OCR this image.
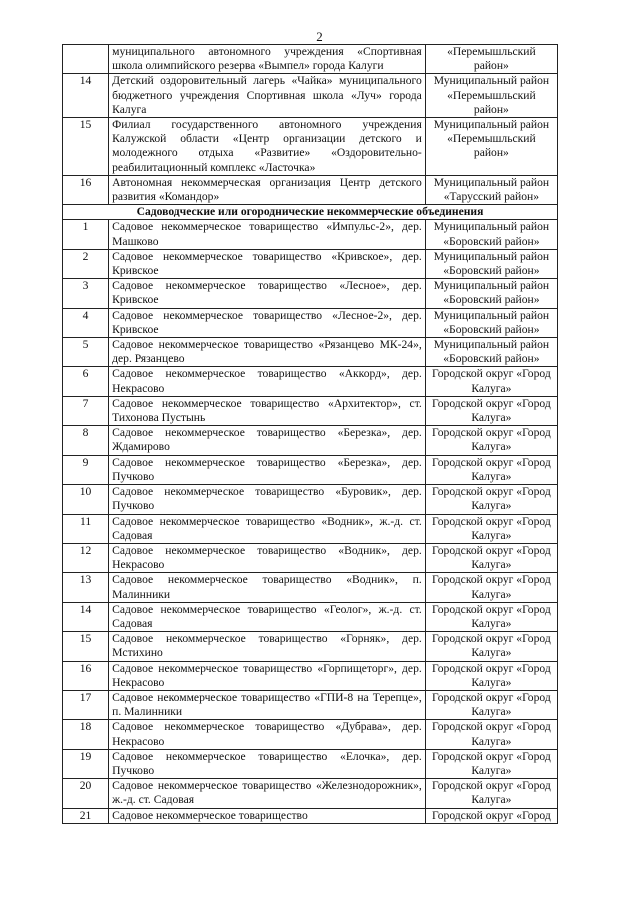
2
	муниципального автономного учреждения «Спортивная школа олимпийского резерва «Вымпел» города Калуги	«Перемышльский район»
14	Детский оздоровительный лагерь «Чайка» муниципального бюджетного учреждения Спортивная школа «Луч» города Калуга	Муниципальный район «Перемышльский район»
15	Филиал государственного автономного учреждения Калужской области «Центр организации детского и молодежного отдыха «Развитие» «Оздоровительно-реабилитационный комплекс «Ласточка»	Муниципальный район «Перемышльский район»
16	Автономная некоммерческая организация Центр детского развития «Командор»	Муниципальный район «Тарусский район»
Садоводческие или огороднические некоммерческие объединения		
1	Садовое некоммерческое товарищество «Импульс-2», дер. Машково	Муниципальный район «Боровский район»
2	Садовое некоммерческое товарищество «Кривское», дер. Кривское	Муниципальный район «Боровский район»
3	Садовое некоммерческое товарищество «Лесное», дер. Кривское	Муниципальный район «Боровский район»
4	Садовое некоммерческое товарищество «Лесное-2», дер. Кривское	Муниципальный район «Боровский район»
5	Садовое некоммерческое товарищество «Рязанцево МК-24», дер. Рязанцево	Муниципальный район «Боровский район»
6	Садовое некоммерческое товарищество «Аккорд», дер. Некрасово	Городской округ «Город Калуга»
7	Садовое некоммерческое товарищество «Архитектор», ст. Тихонова Пустынь	Городской округ «Город Калуга»
8	Садовое некоммерческое товарищество «Березка», дер. Ждамирово	Городской округ «Город Калуга»
9	Садовое некоммерческое товарищество «Березка», дер. Пучково	Городской округ «Город Калуга»
10	Садовое некоммерческое товарищество «Буровик», дер. Пучково	Городской округ «Город Калуга»
11	Садовое некоммерческое товарищество «Водник», ж.-д. ст. Садовая	Городской округ «Город Калуга»
12	Садовое некоммерческое товарищество «Водник», дер. Некрасово	Городской округ «Город Калуга»
13	Садовое некоммерческое товарищество «Водник», п. Малинники	Городской округ «Город Калуга»
14	Садовое некоммерческое товарищество «Геолог», ж.-д. ст. Садовая	Городской округ «Город Калуга»
15	Садовое некоммерческое товарищество «Горняк», дер. Мстихино	Городской округ «Город Калуга»
16	Садовое некоммерческое товарищество «Горпищеторг», дер. Некрасово	Городской округ «Город Калуга»
17	Садовое некоммерческое товарищество «ГПИ-8 на Терепце», п. Малинники	Городской округ «Город Калуга»
18	Садовое некоммерческое товарищество «Дубрава», дер. Некрасово	Городской округ «Город Калуга»
19	Садовое некоммерческое товарищество «Елочка», дер. Пучково	Городской округ «Город Калуга»
20	Садовое некоммерческое товарищество «Железнодорожник», ж.-д. ст. Садовая	Городской округ «Город Калуга»
21	Садовое некоммерческое товарищество	Городской округ «Город
